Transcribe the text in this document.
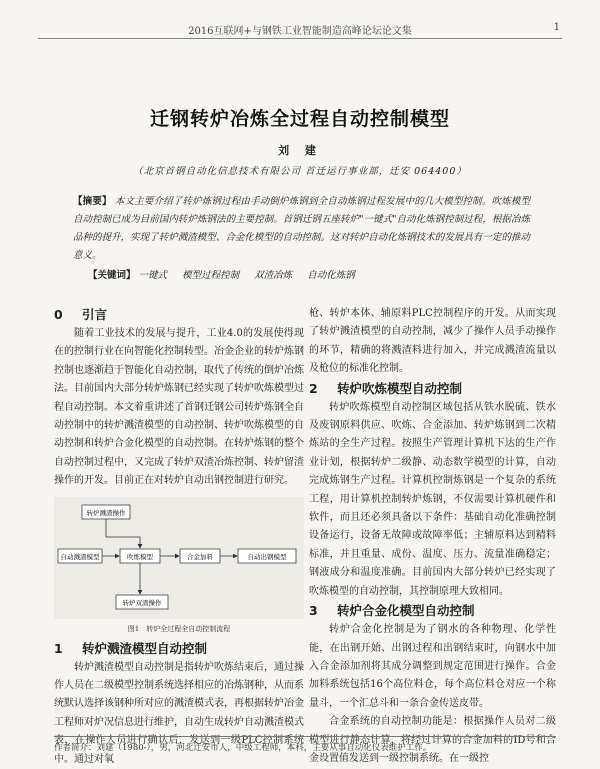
2016互联网+与钢铁工业智能制造高峰论坛论文集	1
迁钢转炉冶炼全过程自动控制模型
刘 建
（北京首钢自动化信息技术有限公司 首迁运行事业部，迁安 064400）
【摘要】 本文主要介绍了转炉炼钢过程由手动倒炉炼钢到全自动炼钢过程发展中的几大模型控制。吹炼模型自动控制已成为目前国内转炉炼钢法的主要控制。首钢迁钢五座转炉"一键式"自动化炼钢控制过程，根据冶炼品种的提升，实现了转炉溅渣模型、合金化模型的自动控制。这对转炉自动化炼钢技术的发展具有一定的推动意义。
【关键词】 一键式 模型过程控制 双渣冶炼 自动化炼钢
0 引言

随着工业技术的发展与提升，工业4.0的发展使得现在的控制行业在向智能化控制转型。冶金企业的转炉炼钢控制也逐渐趋于智能化自动控制，取代了传统的倒炉冶炼法。目前国内大部分转炉炼钢已经实现了转炉吹炼模型过程自动控制。本文着重讲述了首钢迁钢公司转炉炼钢全自动控制中的转炉溅渣模型的自动控制、转炉吹炼模型的自动控制和转炉合金化模型的自动控制。在转炉炼钢的整个自动控制过程中，又完成了转炉双渣冶炼控制、转炉留渣操作的开发。目前正在对转炉自动出钢控制进行研究。

转炉溅渣操作
自动溅渣模型	吹炼模型	合金加料	自动出钢模型
转炉双渣操作
图1　转炉全过程全自动控制流程
1 转炉溅渣模型自动控制

转炉溅渣模型自动控制是指转炉吹炼结束后，通过操作人员在二级模型控制系统选择相应的冶炼钢种，从而系统默认选择该钢种所对应的溅渣模式表，再根据转炉冶金工程师对炉况信息进行维护，自动生成转炉自动溅渣模式表，在操作人员进行确认后，发送到一级PLC控制系统中。通过对氧

枪、转炉本体、辅原料PLC控制程序的开发。从而实现了转炉溅渣模型的自动控制，减少了操作人员手动操作的环节，精确的将溅渣料进行加入，并完成溅渣流量以及枪位的标准化控制。

2 转炉吹炼模型自动控制

转炉吹炼模型自动控制区域包括从铁水脱硫、铁水及废钢原料供应、吹炼、合金添加、转炉炼钢到二次精炼站的全生产过程。按照生产管理计算机下达的生产作业计划，根据转炉二级静、动态数学模型的计算，自动完成炼钢生产过程。计算机控制炼钢是一个复杂的系统工程，用计算机控制转炉炼钢，不仅需要计算机硬件和软件，而且还必须具备以下条件：基础自动化准确控制设备运行，设备无故障或故障率低；主辅原料达到精料标准，并且重量、成份、温度、压力、流量准确稳定；钢液成分和温度准确。目前国内大部分转炉已经实现了吹炼模型的自动控制，其控制原理大致相同。

3 转炉合金化模型自动控制

转炉合金化控制是为了钢水的各种物理、化学性能，在出钢开始、出钢过程和出钢结束时，向钢水中加入合金添加剂将其成分调整到规定范围进行操作。合金加料系统包括16个高位料仓，每个高位料仓对应一个称量斗，一个汇总斗和一条合金传送皮带。

合金系统的自动控制功能是：根据操作人员对二级模型进行静态计算，将经过计算的合金加料的ID号和合金设置值发送到一级控制系统。在一级控

作者简介：刘建（1980-），男，河北迁安市人，中级工程师，本科，主要从事自动化仪表维护工作。
